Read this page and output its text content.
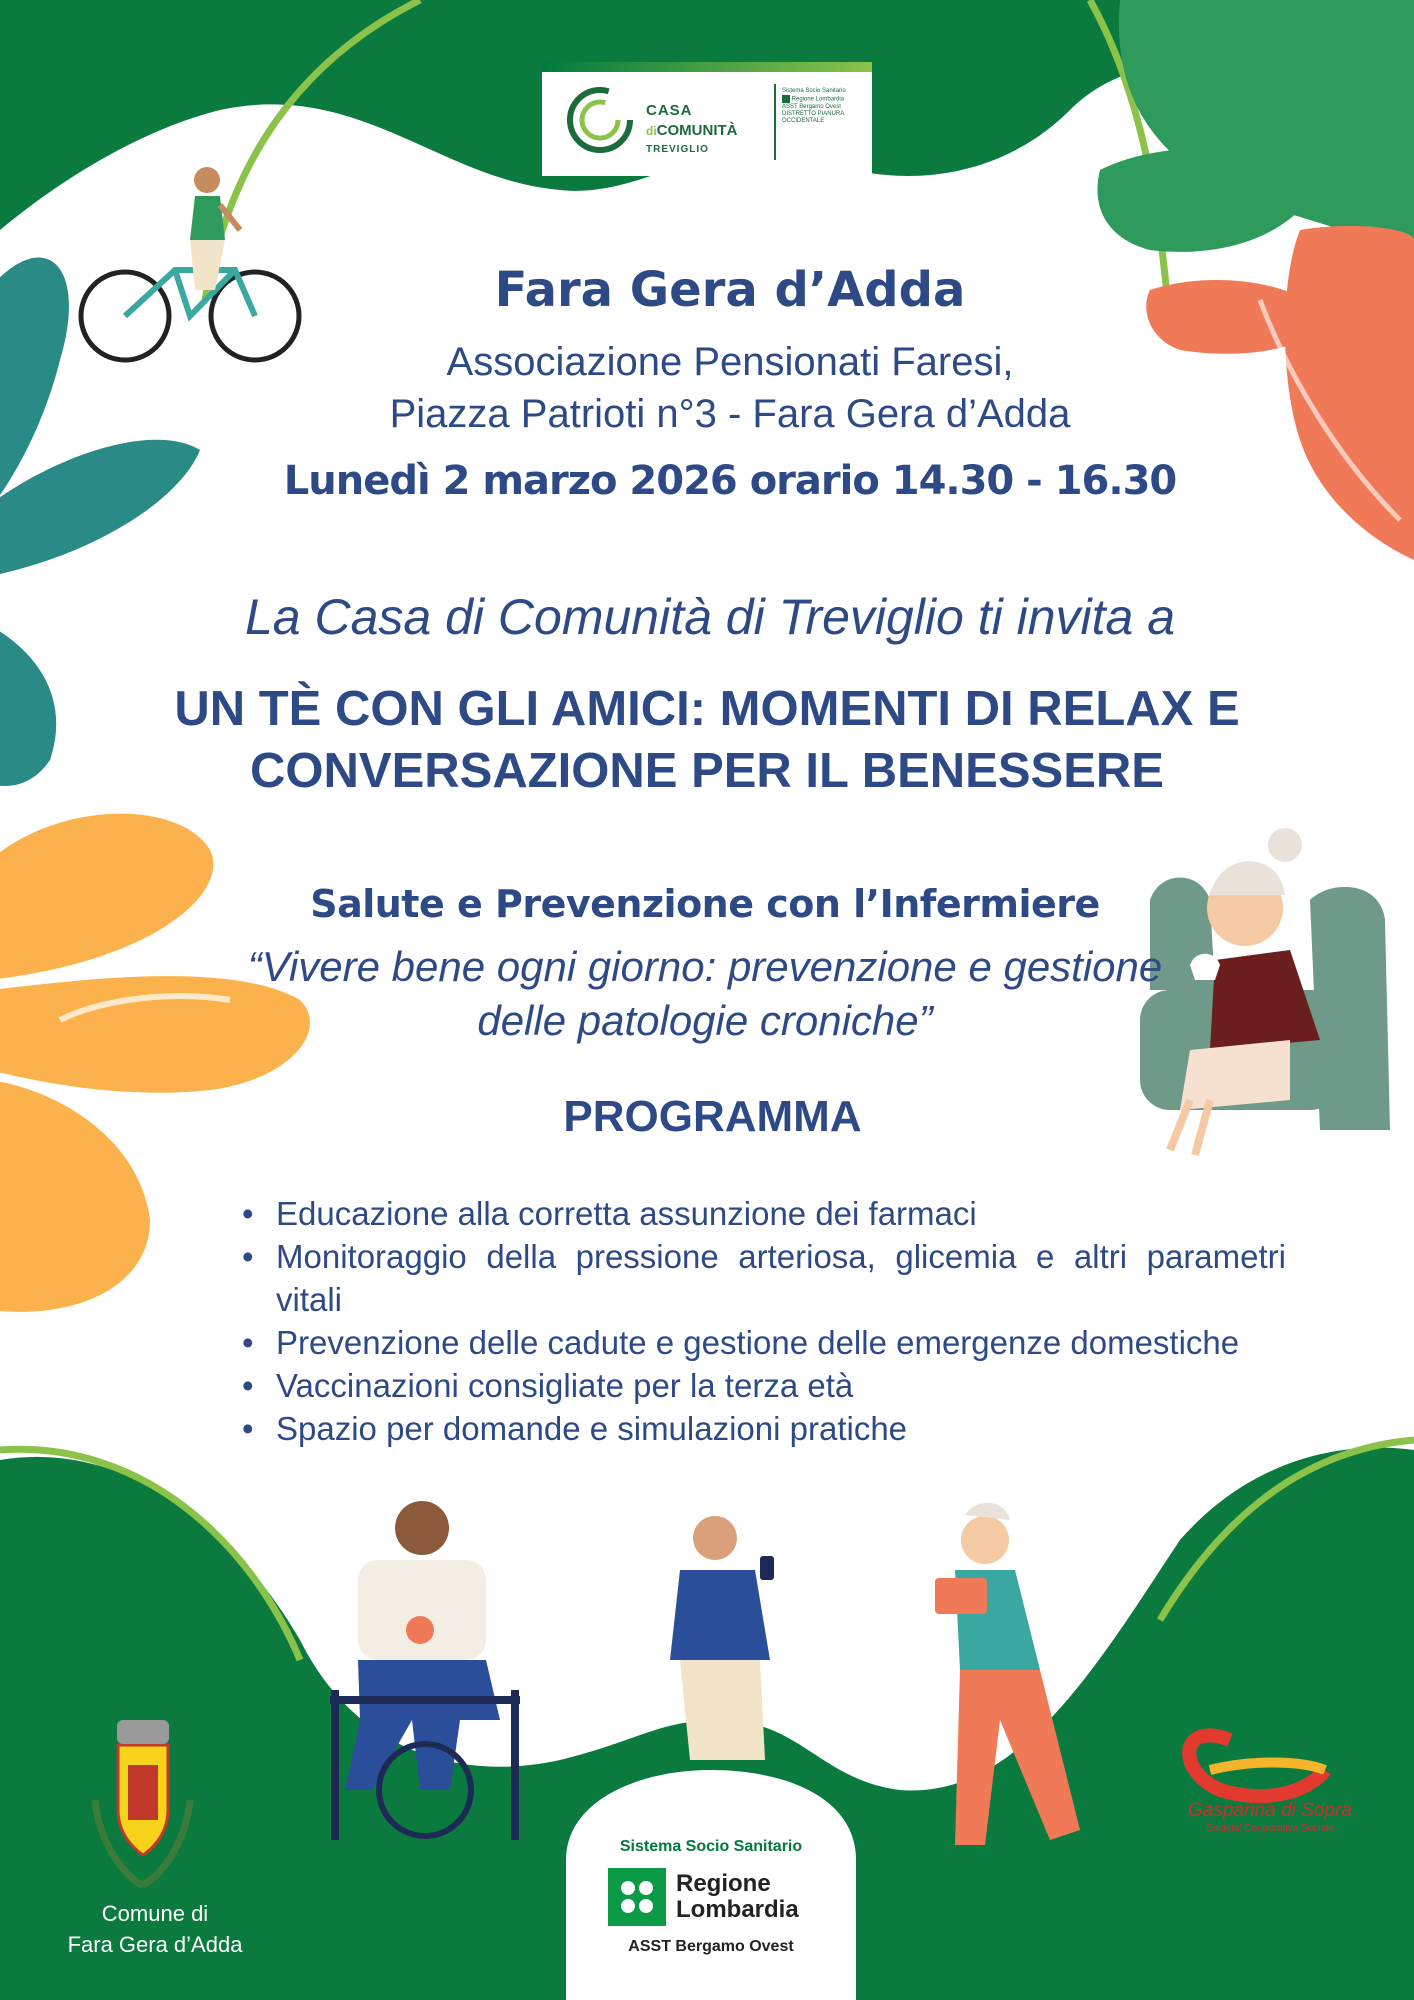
CASA
diCOMUNITÀ
TREVIGLIO
Sistema Socio Sanitario
Regione Lombardia
ASST Bergamo Ovest
DISTRETTO PIANURA OCCIDENTALE
Fara Gera d’Adda
Associazione Pensionati Faresi,
Piazza Patrioti n°3 - Fara Gera d’Adda
Lunedì 2 marzo 2026 orario 14.30 - 16.30
La Casa di Comunità di Treviglio ti invita a
UN TÈ CON GLI AMICI: MOMENTI DI RELAX E CONVERSAZIONE PER IL BENESSERE
Salute e Prevenzione con l’Infermiere
“Vivere bene ogni giorno: prevenzione e gestione delle patologie croniche”
PROGRAMMA
• Educazione alla corretta assunzione dei farmaci
• Monitoraggio della pressione arteriosa, glicemia e altri parametri vitali
• Prevenzione delle cadute e gestione delle emergenze domestiche
• Vaccinazioni consigliate per la terza età
• Spazio per domande e simulazioni pratiche
Comune di
Fara Gera d’Adda
Sistema Socio Sanitario
Regione
Lombardia
ASST Bergamo Ovest
Gasparina di Sopra
Societa' Cooperativa Sociale
